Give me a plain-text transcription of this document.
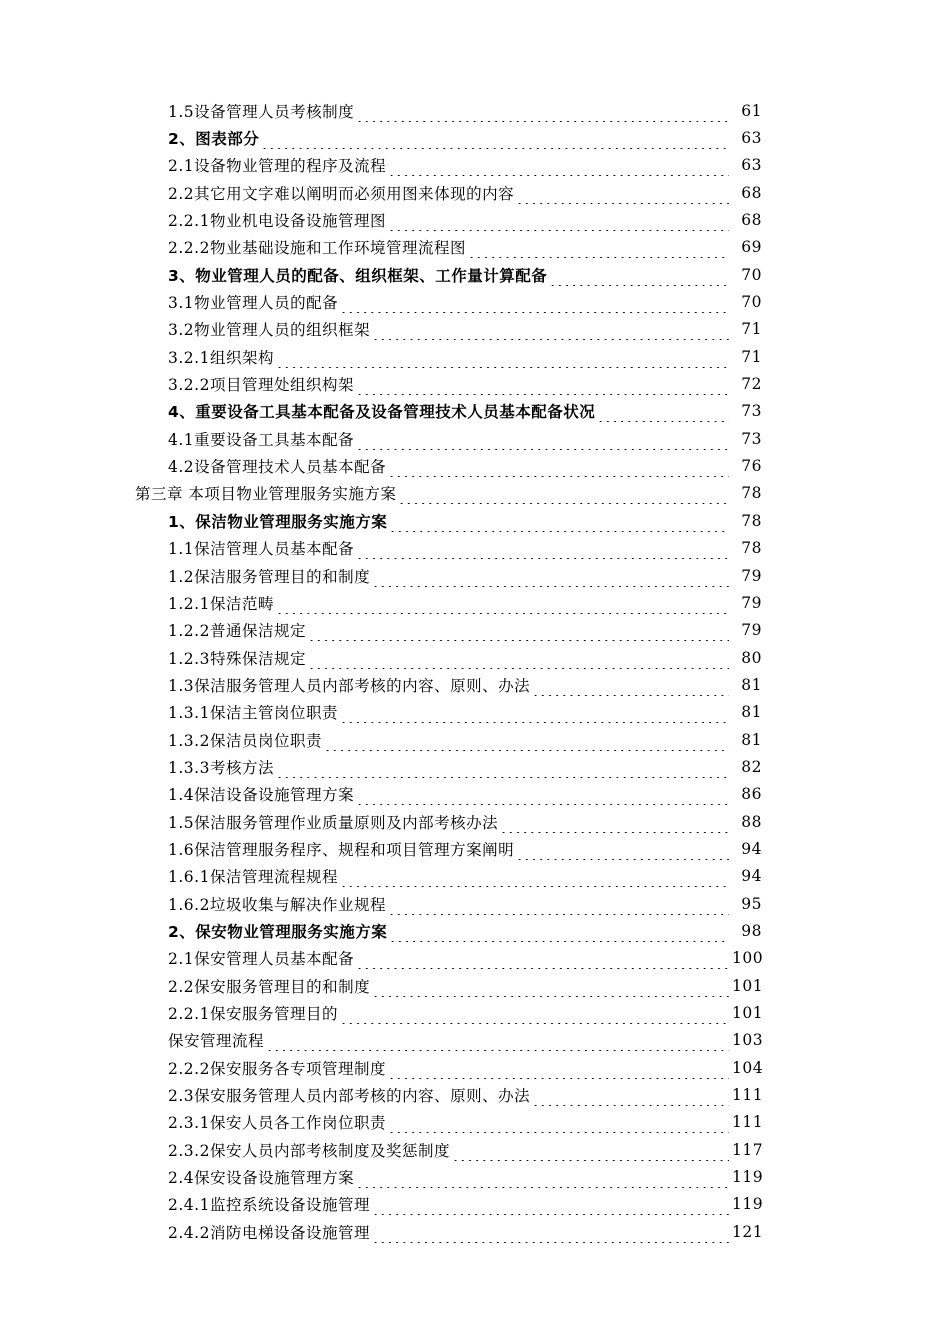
1.5设备管理人员考核制度	61
2、图表部分	63
2.1设备物业管理的程序及流程	63
2.2其它用文字难以阐明而必须用图来体现的内容	68
2.2.1物业机电设备设施管理图	68
2.2.2物业基础设施和工作环境管理流程图	69
3、物业管理人员的配备、组织框架、工作量计算配备	70
3.1物业管理人员的配备	70
3.2物业管理人员的组织框架	71
3.2.1组织架构	71
3.2.2项目管理处组织构架	72
4、重要设备工具基本配备及设备管理技术人员基本配备状况	73
4.1重要设备工具基本配备	73
4.2设备管理技术人员基本配备	76
第三章 本项目物业管理服务实施方案	78
1、保洁物业管理服务实施方案	78
1.1保洁管理人员基本配备	78
1.2保洁服务管理目的和制度	79
1.2.1保洁范畴	79
1.2.2普通保洁规定	79
1.2.3特殊保洁规定	80
1.3保洁服务管理人员内部考核的内容、原则、办法	81
1.3.1保洁主管岗位职责	81
1.3.2保洁员岗位职责	81
1.3.3考核方法	82
1.4保洁设备设施管理方案	86
1.5保洁服务管理作业质量原则及内部考核办法	88
1.6保洁管理服务程序、规程和项目管理方案阐明	94
1.6.1保洁管理流程规程	94
1.6.2垃圾收集与解决作业规程	95
2、保安物业管理服务实施方案	98
2.1保安管理人员基本配备	100
2.2保安服务管理目的和制度	101
2.2.1保安服务管理目的	101
保安管理流程	103
2.2.2保安服务各专项管理制度	104
2.3保安服务管理人员内部考核的内容、原则、办法	111
2.3.1保安人员各工作岗位职责	111
2.3.2保安人员内部考核制度及奖惩制度	117
2.4保安设备设施管理方案	119
2.4.1监控系统设备设施管理	119
2.4.2消防电梯设备设施管理	121
